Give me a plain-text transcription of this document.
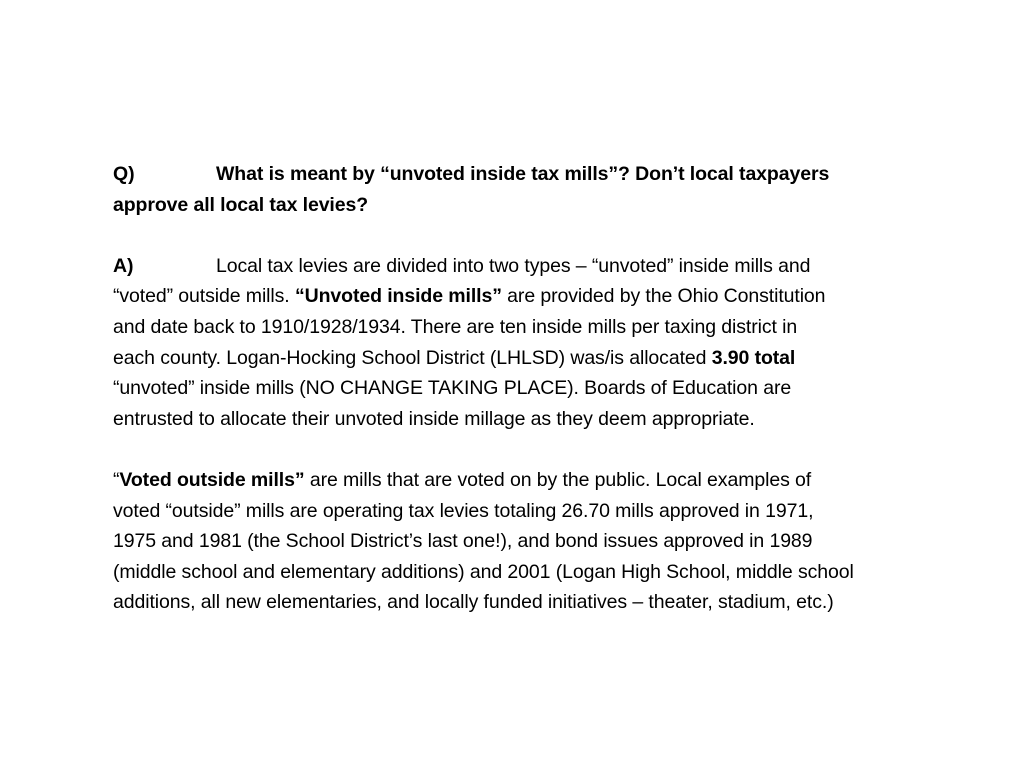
Q)	What is meant by “unvoted inside tax mills”? Don’t local taxpayers
approve all local tax levies?
A)	Local tax levies are divided into two types – “unvoted” inside mills and
“voted” outside mills. “Unvoted inside mills” are provided by the Ohio Constitution
and date back to 1910/1928/1934. There are ten inside mills per taxing district in
each county. Logan-Hocking School District (LHLSD) was/is allocated 3.90 total
“unvoted” inside mills (NO CHANGE TAKING PLACE). Boards of Education are
entrusted to allocate their unvoted inside millage as they deem appropriate.
“Voted outside mills” are mills that are voted on by the public. Local examples of
voted “outside” mills are operating tax levies totaling 26.70 mills approved in 1971,
1975 and 1981 (the School District’s last one!), and bond issues approved in 1989
(middle school and elementary additions) and 2001 (Logan High School, middle school
additions, all new elementaries, and locally funded initiatives – theater, stadium, etc.)
